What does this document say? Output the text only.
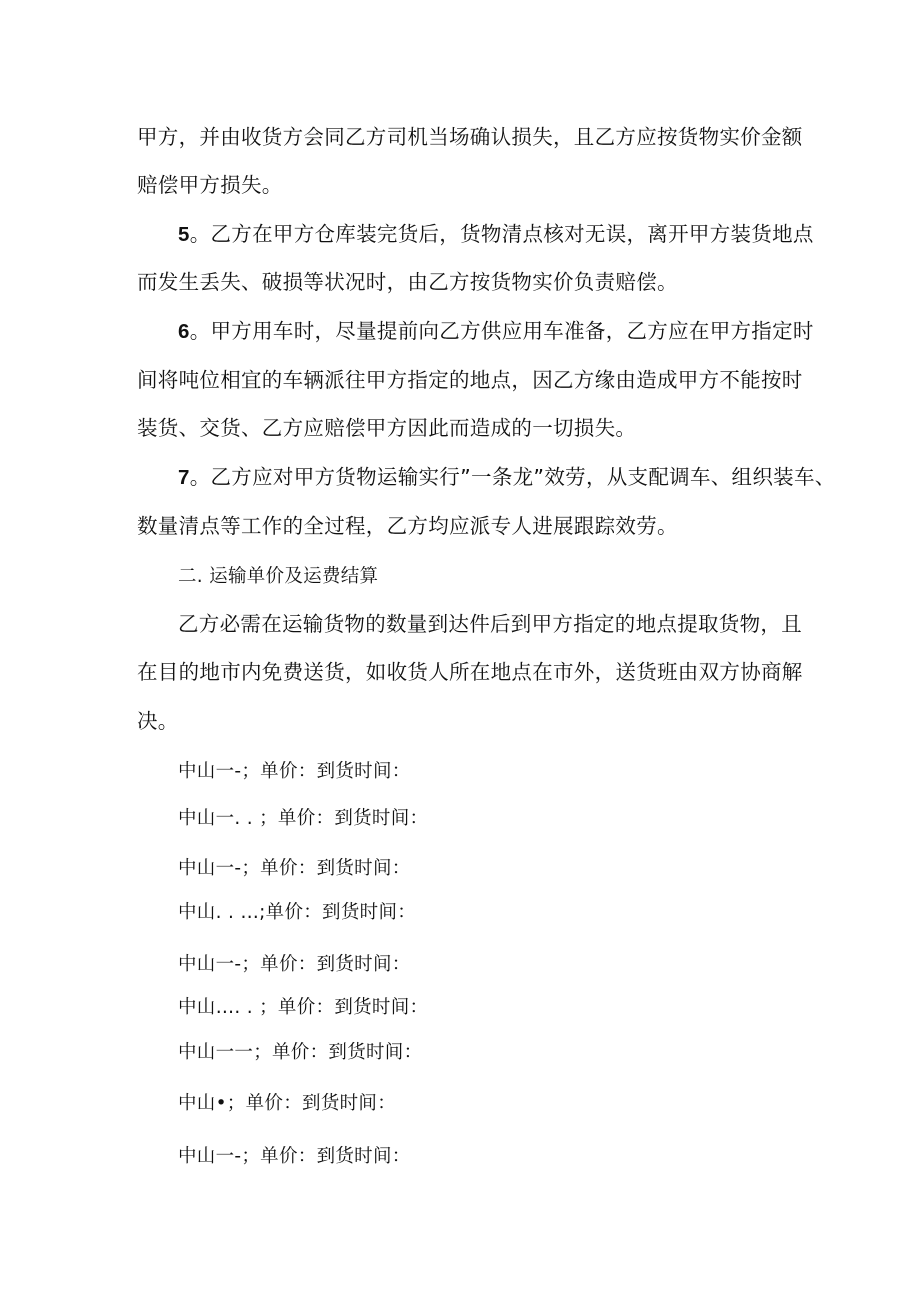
甲方，并由收货方会同乙方司机当场确认损失，且乙方应按货物实价金额
赔偿甲方损失。
5。乙方在甲方仓库装完货后，货物清点核对无误，离开甲方装货地点
而发生丢失、破损等状况时，由乙方按货物实价负责赔偿。
6。甲方用车时，尽量提前向乙方供应用车准备，乙方应在甲方指定时
间将吨位相宜的车辆派往甲方指定的地点，因乙方缘由造成甲方不能按时
装货、交货、乙方应赔偿甲方因此而造成的一切损失。
7。乙方应对甲方货物运输实行”一条龙”效劳，从支配调车、组织装车、
数量清点等工作的全过程，乙方均应派专人进展跟踪效劳。
二. 运输单价及运费结算
乙方必需在运输货物的数量到达件后到甲方指定的地点提取货物，且
在目的地市内免费送货，如收货人所在地点在市外，送货班由双方协商解
决。
中山一-；单价：到货时间：
中山一. . ；单价：到货时间：
中山一-；单价：到货时间：
中山. . …;单价：到货时间：
中山一-；单价：到货时间：
中山…. . ；单价：到货时间：
中山一一；单价：到货时间：
中山•；单价：到货时间：
中山一-；单价：到货时间：
